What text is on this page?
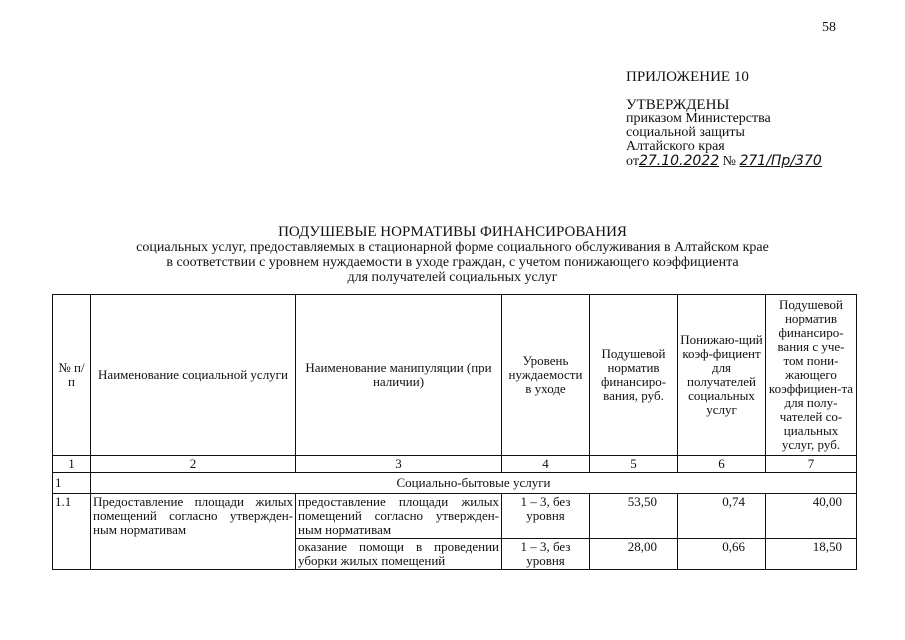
58
ПРИЛОЖЕНИЕ 10
УТВЕРЖДЕНЫ
приказом Министерства
социальной защиты
Алтайского края
от27.10.2022 № 271/Пр/370
ПОДУШЕВЫЕ НОРМАТИВЫ ФИНАНСИРОВАНИЯ
социальных услуг, предоставляемых в стационарной форме социального обслуживания в Алтайском крае
в соответствии с уровнем нуждаемости в уходе граждан, с учетом понижающего коэффициента
для получателей социальных услуг
№ п/п	Наименование социальной услуги	Наименование манипуляции (при наличии)	Уровень нуждаемости в уходе	Подушевой норматив финансиро-вания, руб.	Понижаю-щий коэф-фициент для получателей социальных услуг	Подушевой норматив финансиро-вания с уче-том пони-жающего коэффициен-та для полу-чателей со-циальных услуг, руб.
1	2	3	4	5	6	7
1	Социально-бытовые услуги					
1.1	Предоставление площади жилых помещений согласно утвержден-ным нормативам	предоставление площади жилых помещений согласно утвержден-ным нормативам	1 – 3, без уровня	53,50	0,74	40,00
		оказание помощи в проведении уборки жилых помещений	1 – 3, без уровня	28,00	0,66	18,50
